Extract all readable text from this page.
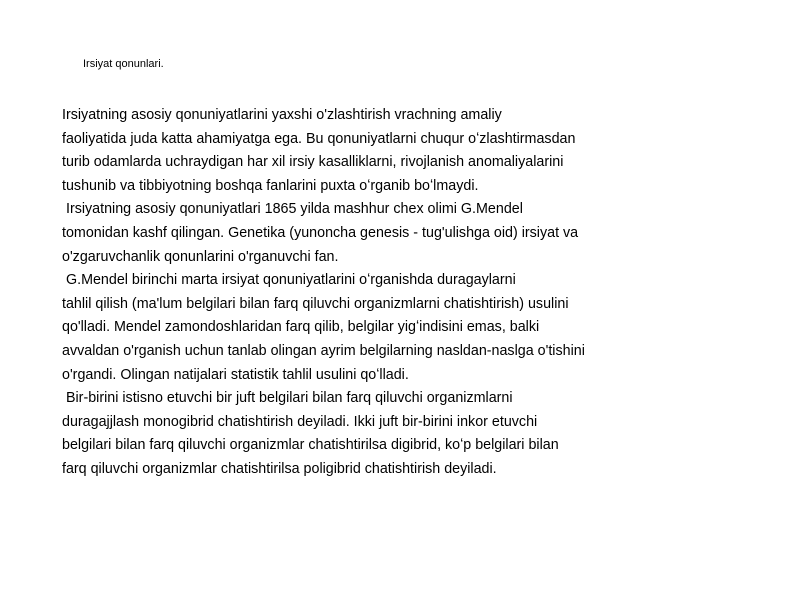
Irsiyat qonunlari.
Irsiyatning asosiy qonuniyatlarini yaxshi o'zlashtirish vrachning amaliy
faoliyatida juda katta ahamiyatga ega. Bu qonuniyatlarni chuqur oʻzlashtirmasdan
turib odamlarda uchraydigan har xil irsiy kasalliklarni, rivojlanish anomaliyalarini
tushunib va tibbiyotning boshqa fanlarini puxta oʻrganib boʻlmaydi.
Irsiyatning asosiy qonuniyatlari 1865 yilda mashhur chex olimi G.Mendel
tomonidan kashf qilingan. Genetika (yunoncha genesis - tug'ulishga oid) irsiyat va
o'zgaruvchanlik qonunlarini o'rganuvchi fan.
G.Mendel birinchi marta irsiyat qonuniyatlarini oʻrganishda duragaylarni
tahlil qilish (ma'lum belgilari bilan farq qiluvchi organizmlarni chatishtirish) usulini
qo'lladi. Mendel zamondoshlaridan farq qilib, belgilar yigʻindisini emas, balki
avvaldan o'rganish uchun tanlab olingan ayrim belgilarning nasldan-naslga o'tishini
o'rgandi. Olingan natijalari statistik tahlil usulini qoʻlladi.
Bir-birini istisno etuvchi bir juft belgilari bilan farq qiluvchi organizmlarni
duragajjlash monogibrid chatishtirish deyiladi. Ikki juft bir-birini inkor etuvchi
belgilari bilan farq qiluvchi organizmlar chatishtirilsa digibrid, koʻp belgilari bilan
farq qiluvchi organizmlar chatishtirilsa poligibrid chatishtirish deyiladi.
